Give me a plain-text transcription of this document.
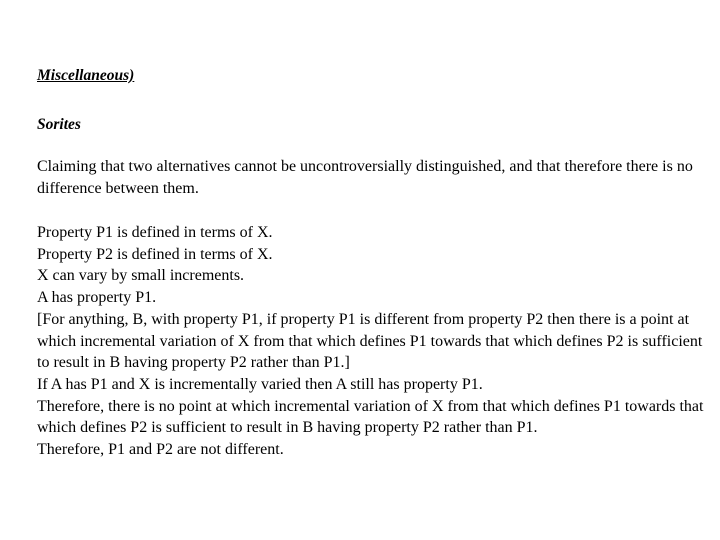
Miscellaneous)

Sorites

Claiming that two alternatives cannot be uncontroversially distinguished, and that therefore there is no difference between them.

Property P1 is defined in terms of X.

Property P2 is defined in terms of X.

X can vary by small increments.

A has property P1.

[For anything, B, with property P1, if property P1 is different from property P2 then there is a point at which incremental variation of X from that which defines P1 towards that which defines P2 is sufficient to result in B having property P2 rather than P1.]

If A has P1 and X is incrementally varied then A still has property P1.

Therefore, there is no point at which incremental variation of X from that which defines P1 towards that which defines P2 is sufficient to result in B having property P2 rather than P1.

Therefore, P1 and P2 are not different.
